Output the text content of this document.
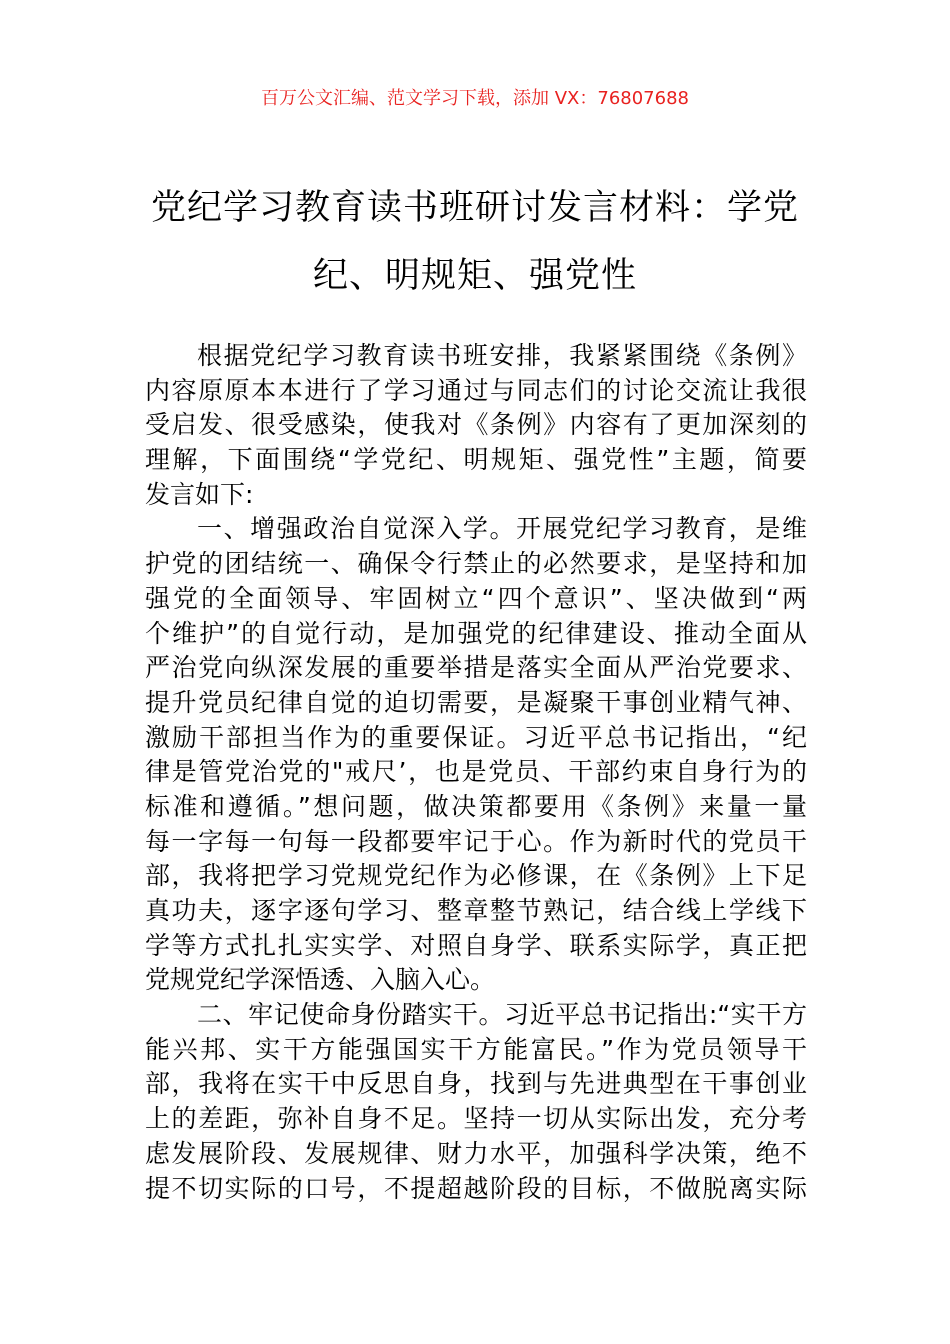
百万公文汇编、范文学习下载，添加 VX：76807688
党纪学习教育读书班研讨发言材料：学党
纪、明规矩、强党性
根据党纪学习教育读书班安排，我紧紧围绕《条例》
内容原原本本进行了学习通过与同志们的讨论交流让我很
受启发、很受感染，使我对《条例》内容有了更加深刻的
理解，下面围绕“学党纪、明规矩、强党性”主题，简要
发言如下:
一、增强政治自觉深入学。开展党纪学习教育，是维
护党的团结统一、确保令行禁止的必然要求，是坚持和加
强党的全面领导、牢固树立“四个意识”、坚决做到“两
个维护”的自觉行动，是加强党的纪律建设、推动全面从
严治党向纵深发展的重要举措是落实全面从严治党要求、
提升党员纪律自觉的迫切需要，是凝聚干事创业精气神、
激励干部担当作为的重要保证。习近平总书记指出，“纪
律是管党治党的"戒尺’，也是党员、干部约束自身行为的
标准和遵循。”想问题，做决策都要用《条例》来量一量
每一字每一句每一段都要牢记于心。作为新时代的党员干
部，我将把学习党规党纪作为必修课，在《条例》上下足
真功夫，逐字逐句学习、整章整节熟记，结合线上学线下
学等方式扎扎实实学、对照自身学、联系实际学，真正把
党规党纪学深悟透、入脑入心。
二、牢记使命身份踏实干。习近平总书记指出:“实干方
能兴邦、实干方能强国实干方能富民。”作为党员领导干
部，我将在实干中反思自身，找到与先进典型在干事创业
上的差距，弥补自身不足。坚持一切从实际出发，充分考
虑发展阶段、发展规律、财力水平，加强科学决策，绝不
提不切实际的口号，不提超越阶段的目标，不做脱离实际
